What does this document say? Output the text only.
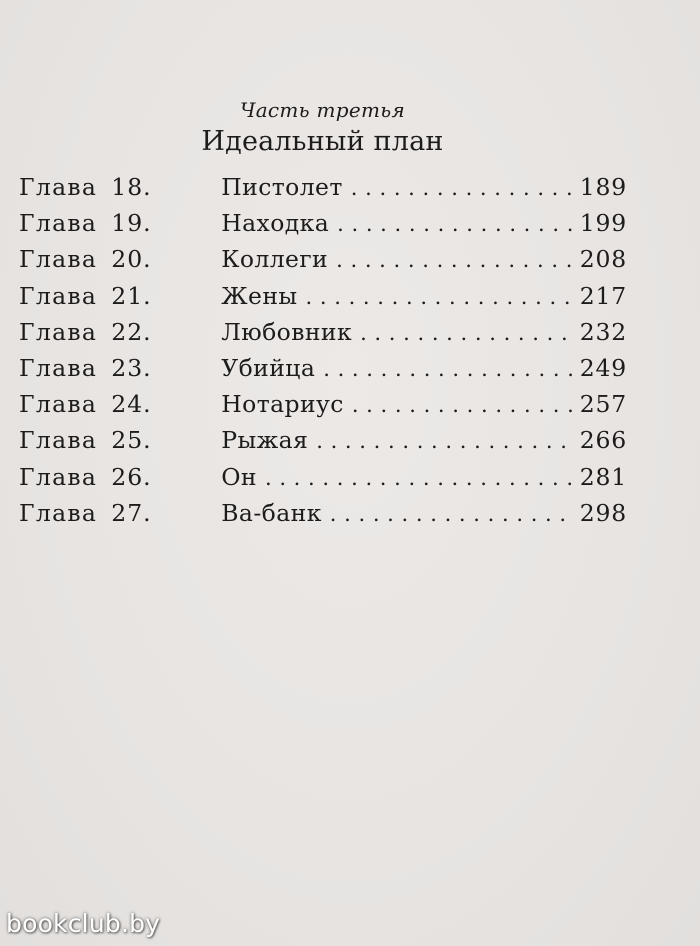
Часть третья
Идеальный план
Глава 18.	Пистолет . . .	189
Глава 19.	Находка . . .	199
Глава 20.	Коллеги . . .	208
Глава 21.	Жены . . .	217
Глава 22.	Любовник . . .	232
Глава 23.	Убийца . . .	249
Глава 24.	Нотариус . . .	257
Глава 25.	Рыжая . . .	266
Глава 26.	Он . . .	281
Глава 27.	Ва-банк . . .	298
bookclub.by
